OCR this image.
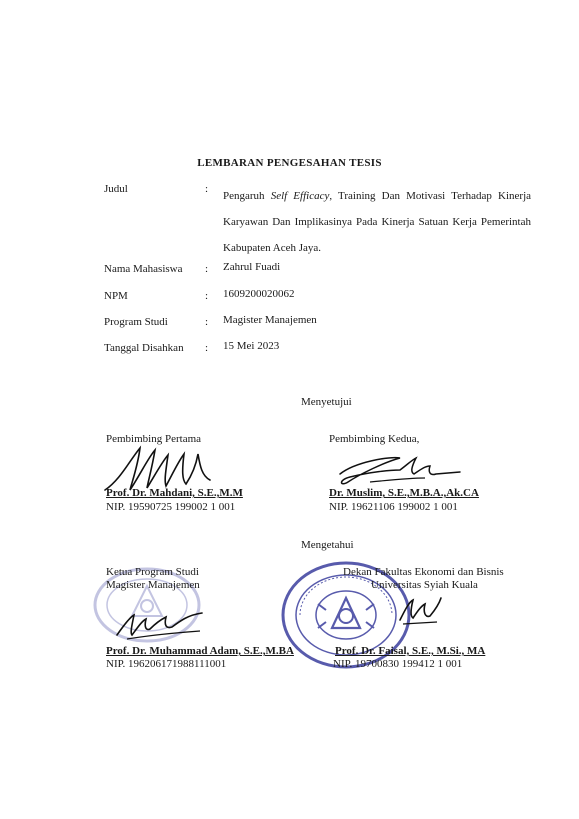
LEMBARAN PENGESAHAN TESIS
Judul	:
Pengaruh Self Efficacy, Training Dan Motivasi Terhadap Kinerja Karyawan Dan Implikasinya Pada Kinerja Satuan Kerja Pemerintah Kabupaten Aceh Jaya.
Nama Mahasiswa : Zahrul Fuadi
NPM	: 1609200020062
Program Studi	: Magister Manajemen
Tanggal Disahkan : 15 Mei 2023
Menyetujui
Pembimbing Pertama
Prof. Dr. Mahdani, S.E.,M.M
NIP. 19590725 199002 1 001
Pembimbing Kedua,
Dr. Muslim, S.E.,M.B.A.,Ak.CA
NIP. 19621106 199002 1 001
Mengetahui
Ketua Program Studi
Magister Manajemen
Prof. Dr. Muhammad Adam, S.E.,M.BA
NIP. 196206171988111001
Dekan Fakultas Ekonomi dan Bisnis
Universitas Syiah Kuala
Prof. Dr. Faisal, S.E., M.Si., MA
NIP. 19700830 199412 1 001
